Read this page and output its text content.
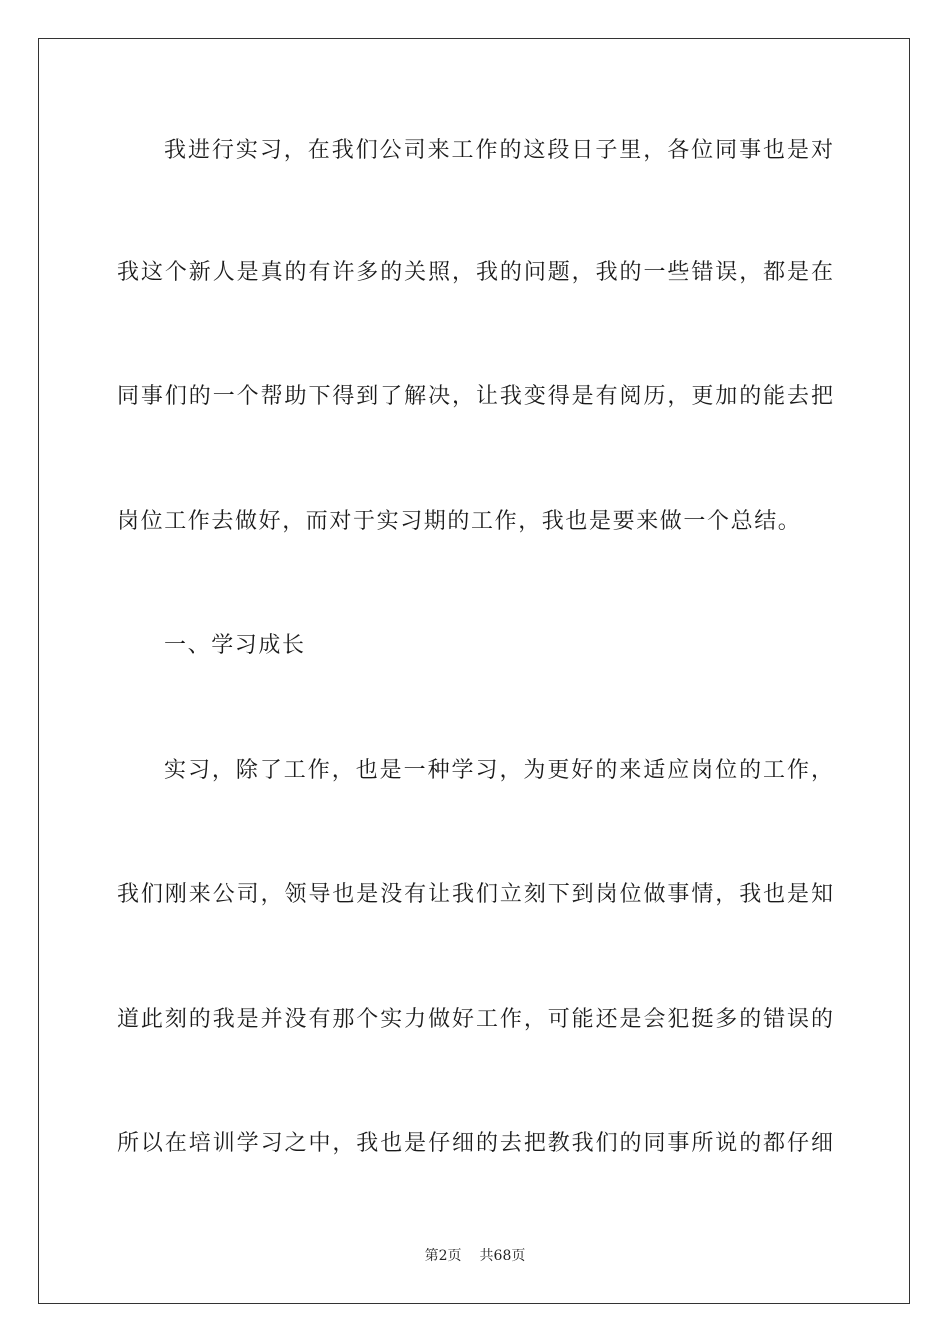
我进行实习，在我们公司来工作的这段日子里，各位同事也是对
我这个新人是真的有许多的关照，我的问题，我的一些错误，都是在
同事们的一个帮助下得到了解决，让我变得是有阅历，更加的能去把
岗位工作去做好，而对于实习期的工作，我也是要来做一个总结。
一、学习成长
实习，除了工作，也是一种学习，为更好的来适应岗位的工作，
我们刚来公司，领导也是没有让我们立刻下到岗位做事情，我也是知
道此刻的我是并没有那个实力做好工作，可能还是会犯挺多的错误的
所以在培训学习之中，我也是仔细的去把教我们的同事所说的都仔细
第2页 共68页
